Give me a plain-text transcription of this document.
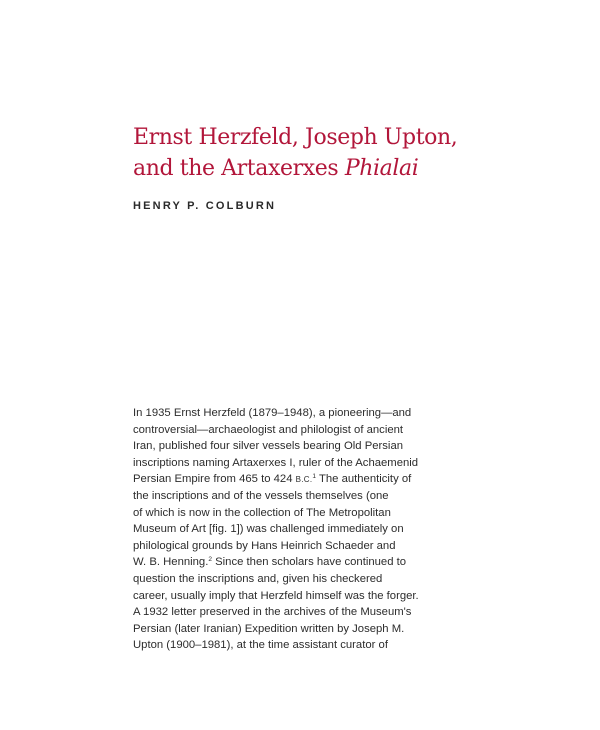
Ernst Herzfeld, Joseph Upton,
and the Artaxerxes Phialai

HENRY P. COLBURN

In 1935 Ernst Herzfeld (1879–1948), a pioneering—and
controversial—archaeologist and philologist of ancient
Iran, published four silver vessels bearing Old Persian
inscriptions naming Artaxerxes I, ruler of the Achaemenid
Persian Empire from 465 to 424 B.C.$^1$ The authenticity of
the inscriptions and of the vessels themselves (one
of which is now in the collection of The Metropolitan
Museum of Art [fig. 1]) was challenged immediately on
philological grounds by Hans Heinrich Schaeder and
W. B. Henning.$^2$ Since then scholars have continued to
question the inscriptions and, given his checkered
career, usually imply that Herzfeld himself was the forger.
A 1932 letter preserved in the archives of the Museum's
Persian (later Iranian) Expedition written by Joseph M.
Upton (1900–1981), at the time assistant curator of
